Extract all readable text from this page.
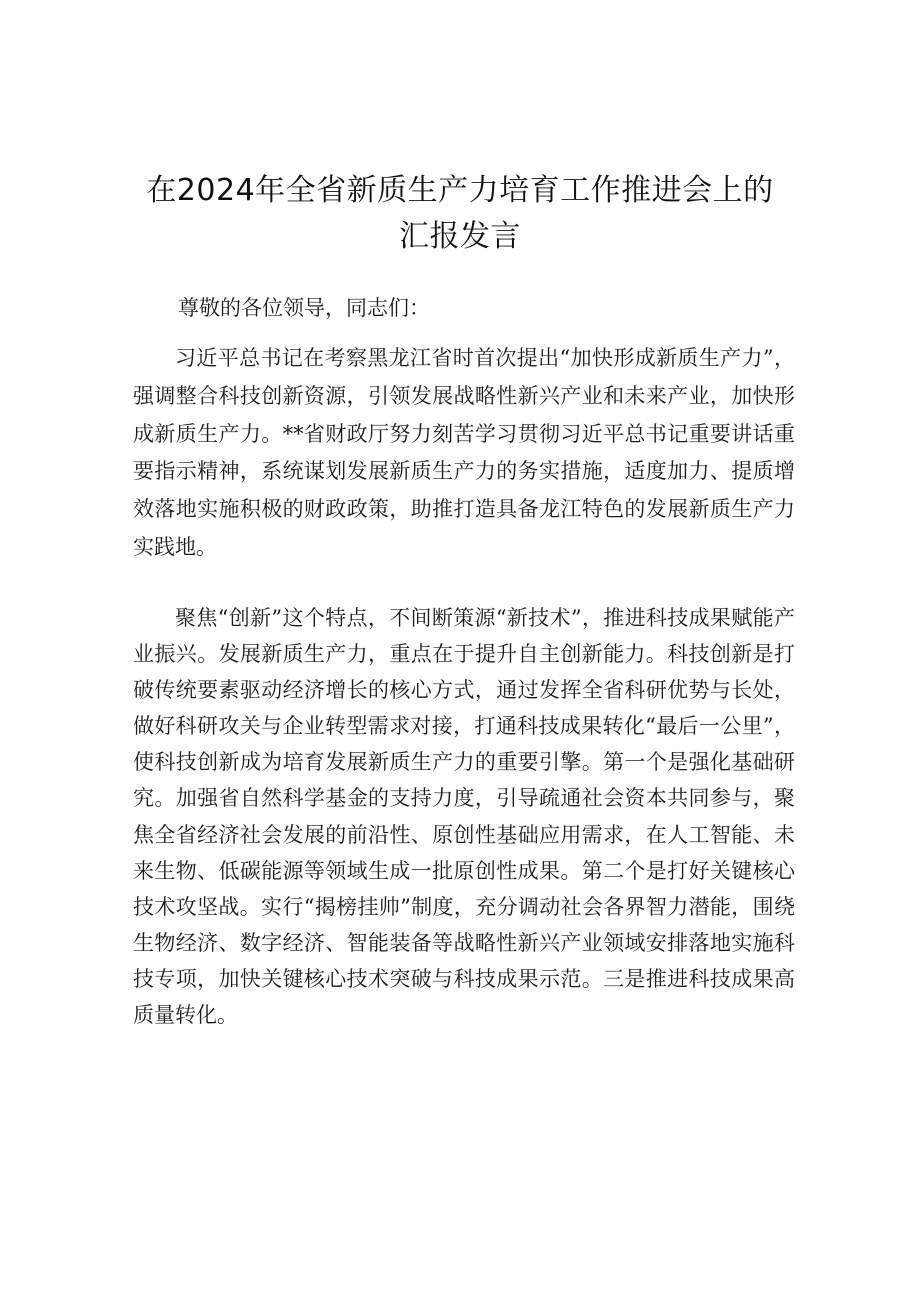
在2024年全省新质生产力培育工作推进会上的
汇报发言
尊敬的各位领导，同志们：

习近平总书记在考察黑龙江省时首次提出“加快形成新质生产力”，强调整合科技创新资源，引领发展战略性新兴产业和未来产业，加快形成新质生产力。**省财政厅努力刻苦学习贯彻习近平总书记重要讲话重要指示精神，系统谋划发展新质生产力的务实措施，适度加力、提质增效落地实施积极的财政政策，助推打造具备龙江特色的发展新质生产力实践地。

聚焦“创新”这个特点，不间断策源“新技术”，推进科技成果赋能产业振兴。发展新质生产力，重点在于提升自主创新能力。科技创新是打破传统要素驱动经济增长的核心方式，通过发挥全省科研优势与长处，做好科研攻关与企业转型需求对接，打通科技成果转化“最后一公里”，使科技创新成为培育发展新质生产力的重要引擎。第一个是强化基础研究。加强省自然科学基金的支持力度，引导疏通社会资本共同参与，聚焦全省经济社会发展的前沿性、原创性基础应用需求，在人工智能、未来生物、低碳能源等领域生成一批原创性成果。第二个是打好关键核心技术攻坚战。实行“揭榜挂帅”制度，充分调动社会各界智力潜能，围绕生物经济、数字经济、智能装备等战略性新兴产业领域安排落地实施科技专项，加快关键核心技术突破与科技成果示范。三是推进科技成果高质量转化。
